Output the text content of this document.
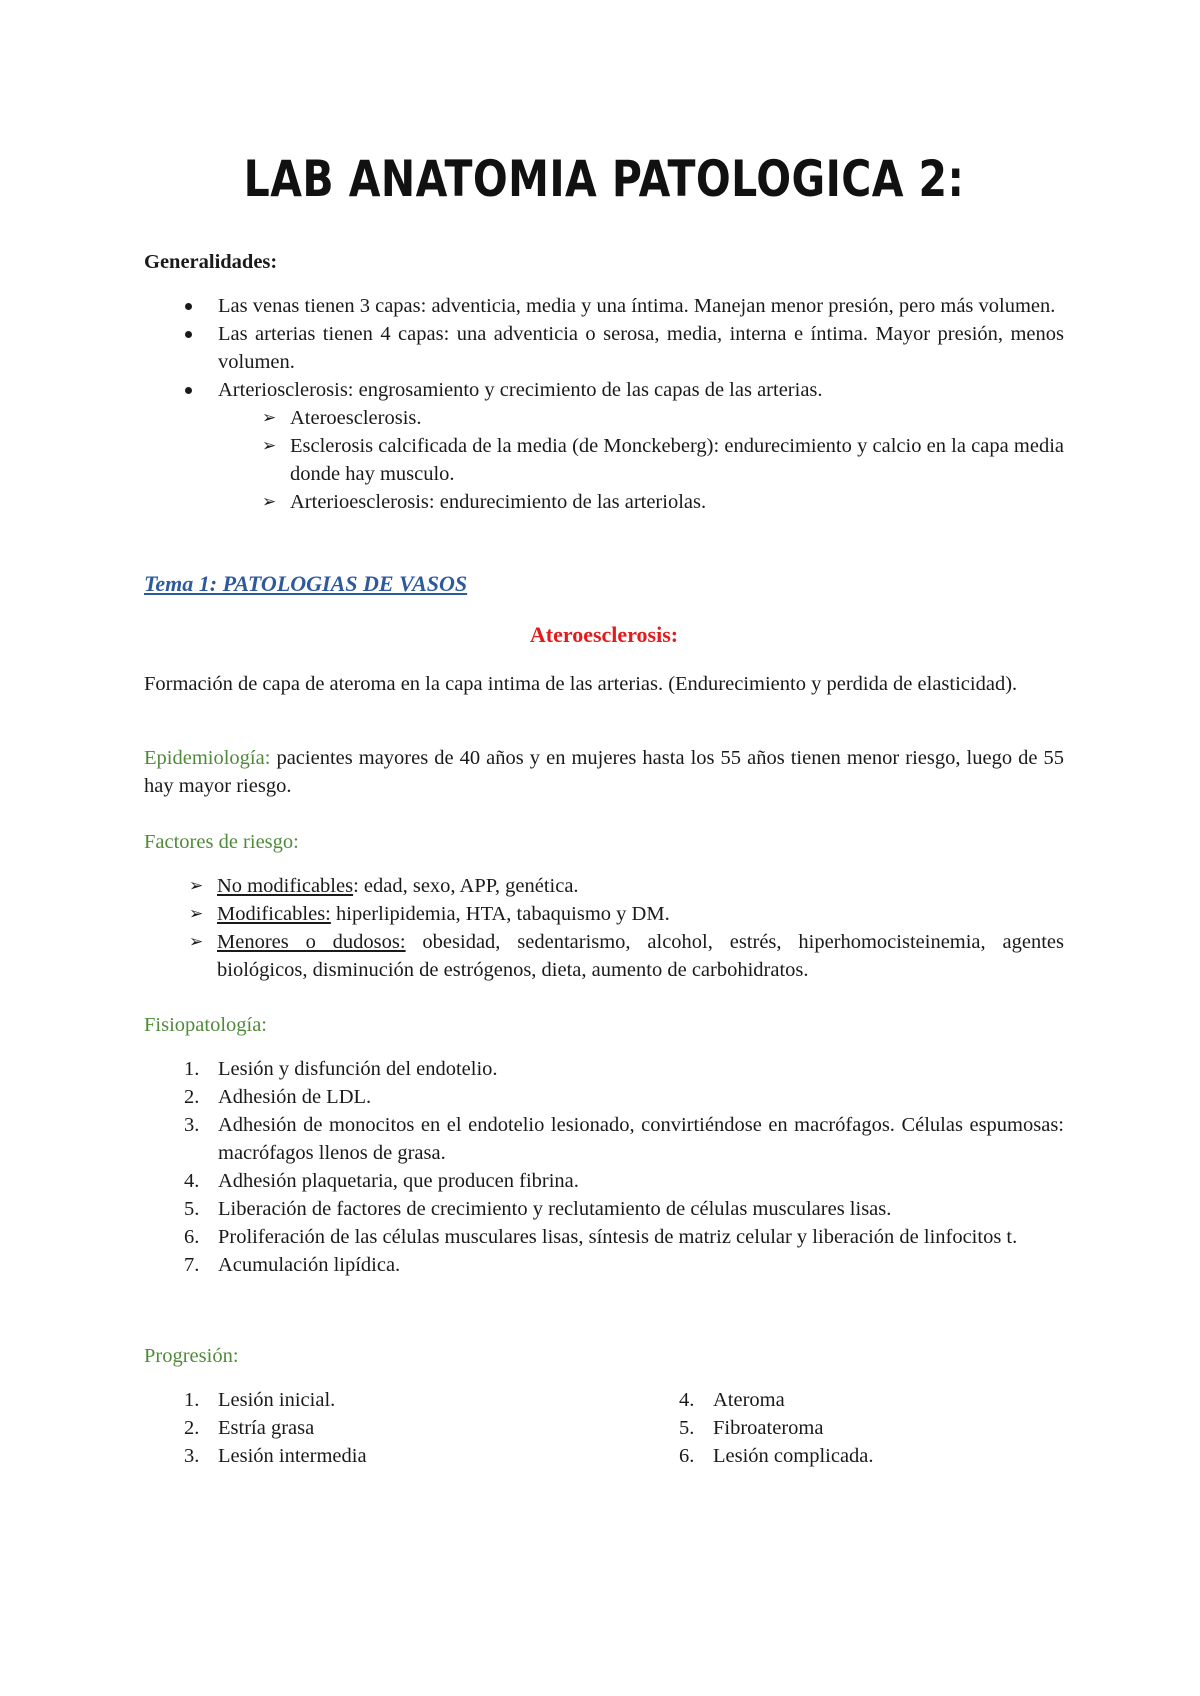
LAB ANATOMIA PATOLOGICA 2:
Generalidades:
Las venas tienen 3 capas: adventicia, media y una íntima. Manejan menor presión, pero más volumen.
Las arterias tienen 4 capas: una adventicia o serosa, media, interna e íntima. Mayor presión, menos volumen.
Arteriosclerosis: engrosamiento y crecimiento de las capas de las arterias.
➢ Ateroesclerosis.
➢ Esclerosis calcificada de la media (de Monckeberg): endurecimiento y calcio en la capa media donde hay musculo.
➢ Arterioesclerosis: endurecimiento de las arteriolas.
Tema 1: PATOLOGIAS DE VASOS
Ateroesclerosis:
Formación de capa de ateroma en la capa intima de las arterias. (Endurecimiento y perdida de elasticidad).
Epidemiología: pacientes mayores de 40 años y en mujeres hasta los 55 años tienen menor riesgo, luego de 55 hay mayor riesgo.
Factores de riesgo:
➢ No modificables: edad, sexo, APP, genética.
➢ Modificables: hiperlipidemia, HTA, tabaquismo y DM.
➢ Menores o dudosos: obesidad, sedentarismo, alcohol, estrés, hiperhomocisteinemia, agentes biológicos, disminución de estrógenos, dieta, aumento de carbohidratos.
Fisiopatología:
1. Lesión y disfunción del endotelio.
2. Adhesión de LDL.
3. Adhesión de monocitos en el endotelio lesionado, convirtiéndose en macrófagos. Células espumosas: macrófagos llenos de grasa.
4. Adhesión plaquetaria, que producen fibrina.
5. Liberación de factores de crecimiento y reclutamiento de células musculares lisas.
6. Proliferación de las células musculares lisas, síntesis de matriz celular y liberación de linfocitos t.
7. Acumulación lipídica.
Progresión:
1. Lesión inicial.
2. Estría grasa
3. Lesión intermedia
4. Ateroma
5. Fibroateroma
6. Lesión complicada.
